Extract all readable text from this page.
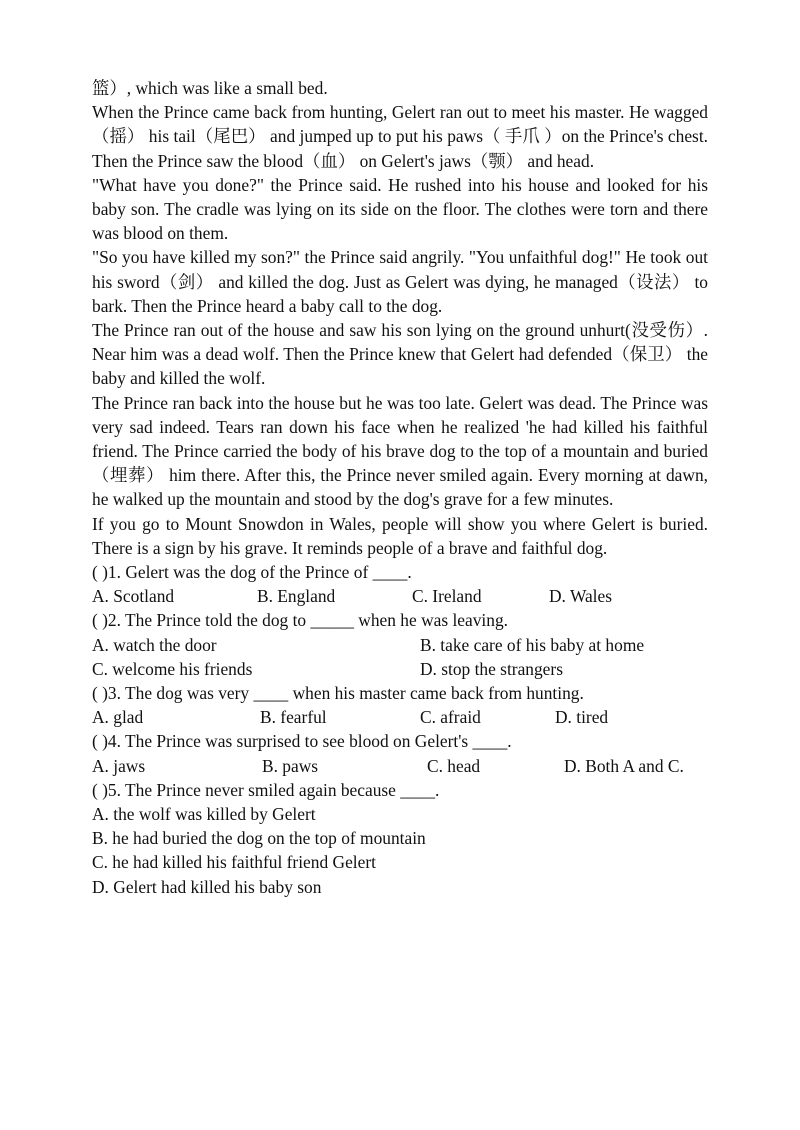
篮）, which was like a small bed.

When the Prince came back from hunting, Gelert ran out to meet his master. He wagged（摇） his tail（尾巴） and jumped up to put his paws（ 手爪 ）on the Prince's chest. Then the Prince saw the blood（血） on Gelert's jaws（颚） and head.

"What have you done?" the Prince said. He rushed into his house and looked for his baby son. The cradle was lying on its side on the floor. The clothes were torn and there was blood on them.

"So you have killed my son?" the Prince said angrily. "You unfaithful dog!" He took out his sword（剑） and killed the dog. Just as Gelert was dying, he managed（设法） to bark. Then the Prince heard a baby call to the dog.

The Prince ran out of the house and saw his son lying on the ground unhurt(没受伤）. Near him was a dead wolf. Then the Prince knew that Gelert had defended（保卫） the baby and killed the wolf.

The Prince ran back into the house but he was too late. Gelert was dead. The Prince was very sad indeed. Tears ran down his face when he realized 'he had killed his faithful friend. The Prince carried the body of his brave dog to the top of a mountain and buried（埋葬） him there. After this, the Prince never smiled again. Every morning at dawn, he walked up the mountain and stood by the dog's grave for a few minutes.

If you go to Mount Snowdon in Wales, people will show you where Gelert is buried. There is a sign by his grave. It reminds people of a brave and faithful dog.

( )1. Gelert was the dog of the Prince of ____.
A. Scotland	B. England	C. Ireland	D. Wales
( )2. The Prince told the dog to _____ when he was leaving.
A. watch the door	B. take care of his baby at home
C. welcome his friends	D. stop the strangers
( )3. The dog was very ____ when his master came back from hunting.
A. glad	B. fearful	C. afraid	D. tired
( )4. The Prince was surprised to see blood on Gelert's ____.
A. jaws	B. paws	C. head	D. Both A and C.
( )5. The Prince never smiled again because ____.
A. the wolf was killed by Gelert
B. he had buried the dog on the top of mountain
C. he had killed his faithful friend Gelert
D. Gelert had killed his baby son
